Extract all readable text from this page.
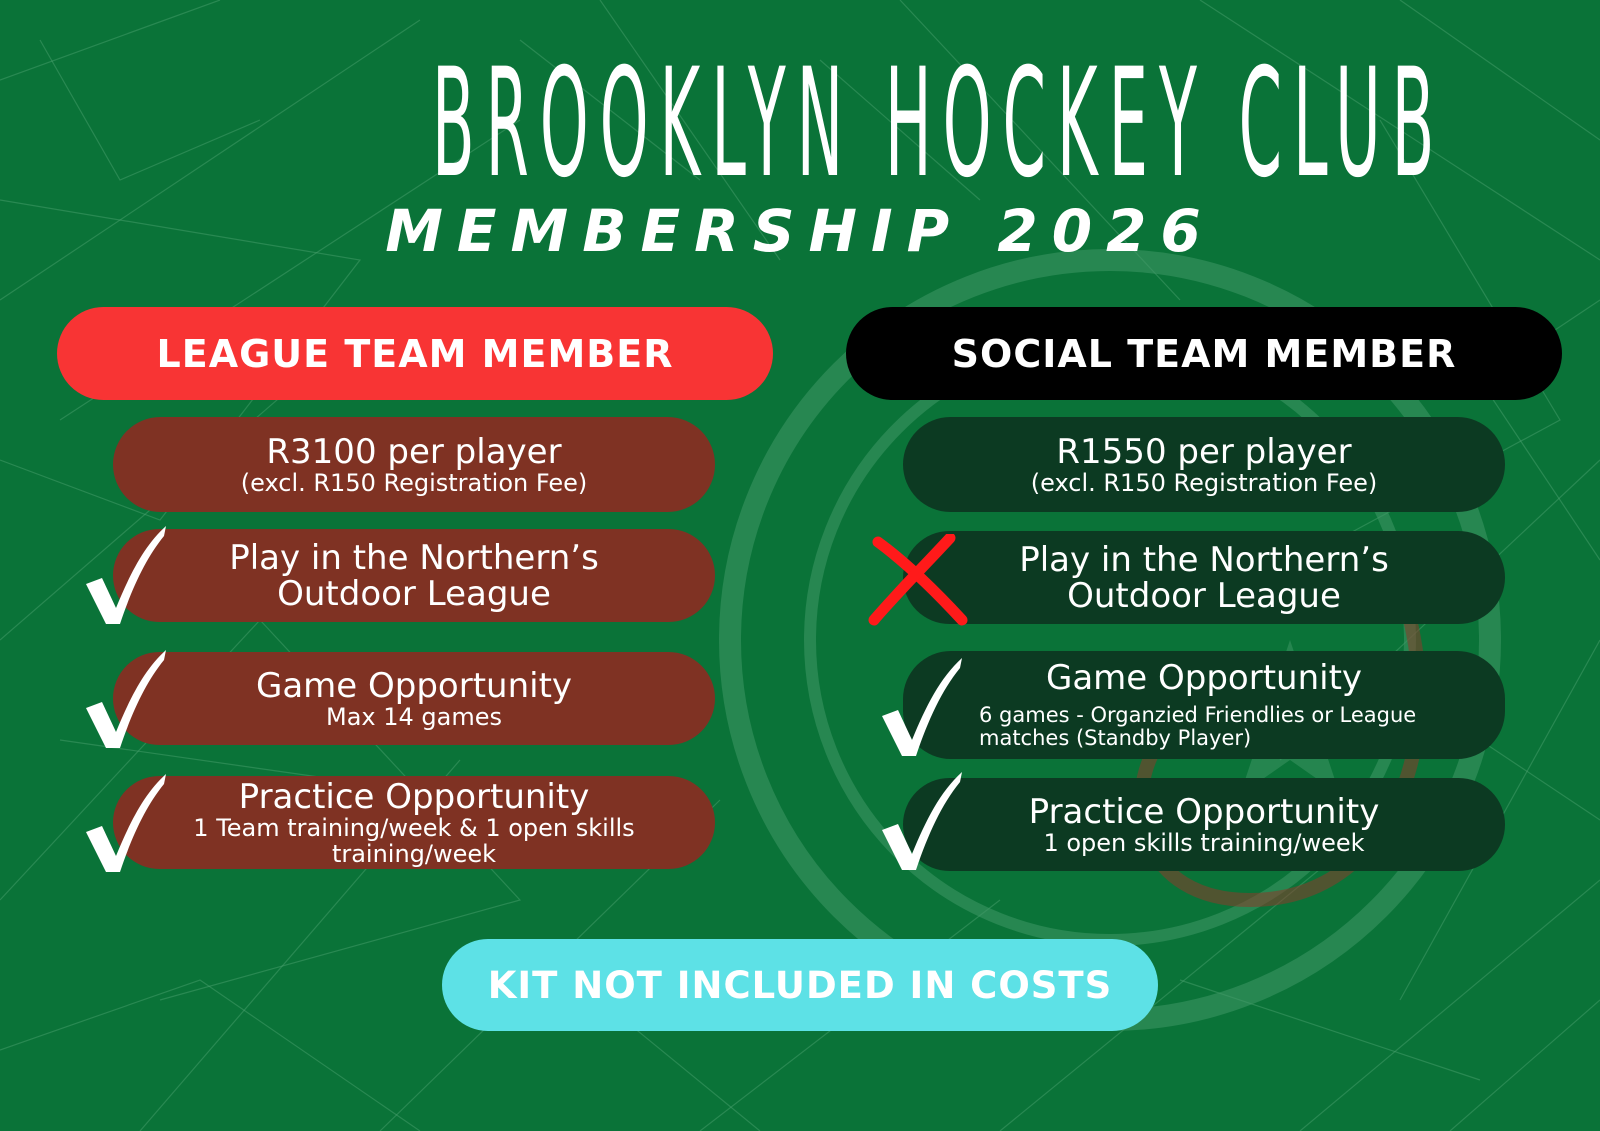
BROOKLYN HOCKEY CLUB
MEMBERSHIP 2026
LEAGUE TEAM MEMBER
R3100 per player
(excl. R150 Registration Fee)
Play in the Northern’s
Outdoor League
Game Opportunity
Max 14 games
Practice Opportunity
1 Team training/week & 1 open skills
training/week
SOCIAL TEAM MEMBER
R1550 per player
(excl. R150 Registration Fee)
Play in the Northern’s
Outdoor League
Game Opportunity
6 games - Organzied Friendlies or League
matches (Standby Player)
Practice Opportunity
1 open skills training/week
KIT NOT INCLUDED IN COSTS
